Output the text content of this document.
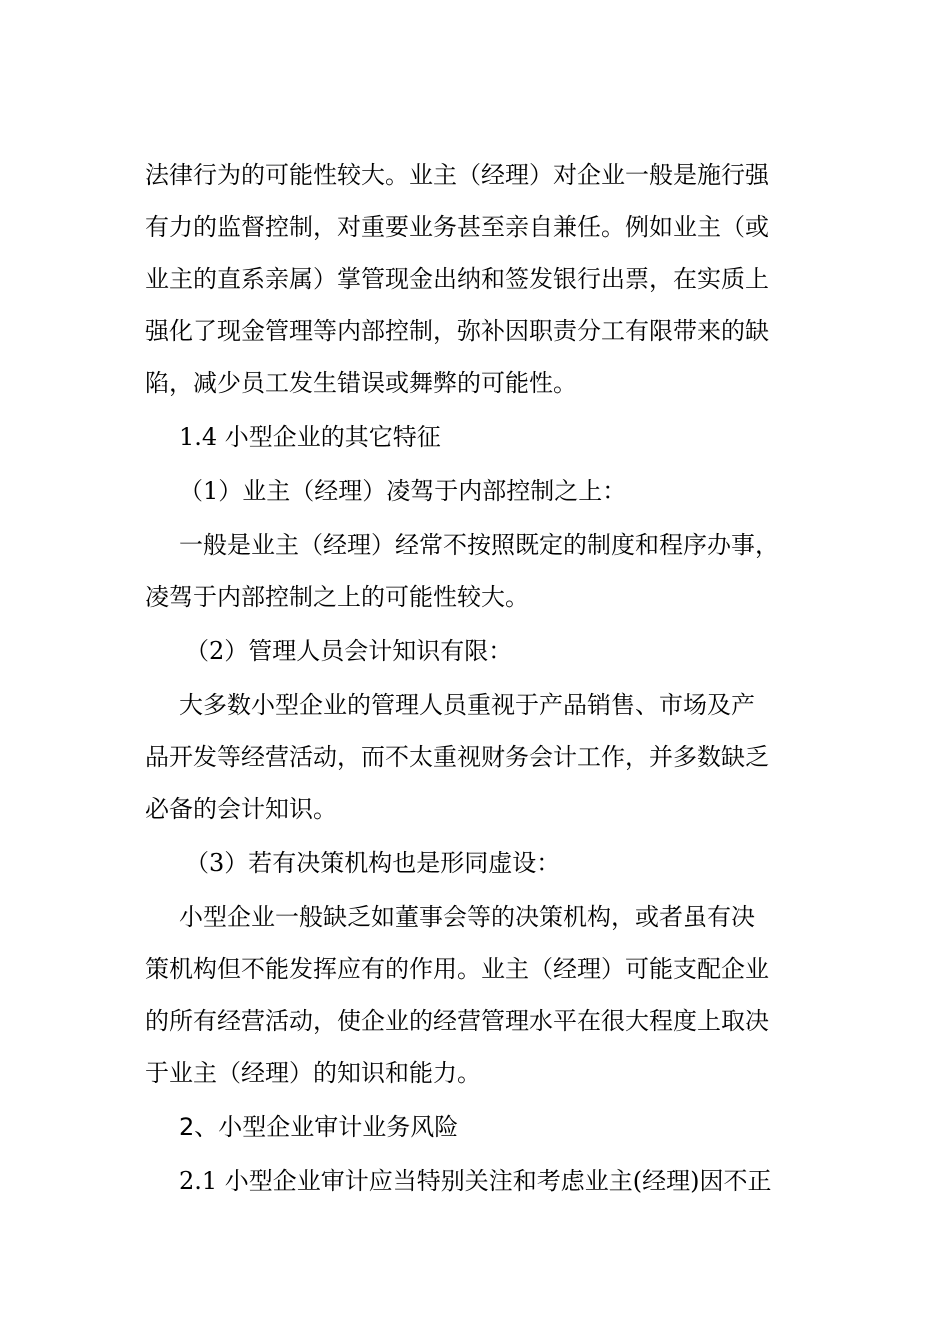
法律行为的可能性较大。业主（经理）对企业一般是施行强
有力的监督控制，对重要业务甚至亲自兼任。例如业主（或
业主的直系亲属）掌管现金出纳和签发银行出票，在实质上
强化了现金管理等内部控制，弥补因职责分工有限带来的缺
陷，减少员工发生错误或舞弊的可能性。
1.4 小型企业的其它特征
（1）业主（经理）凌驾于内部控制之上：
一般是业主（经理）经常不按照既定的制度和程序办事，
凌驾于内部控制之上的可能性较大。
（2）管理人员会计知识有限：
大多数小型企业的管理人员重视于产品销售、市场及产
品开发等经营活动，而不太重视财务会计工作，并多数缺乏
必备的会计知识。
（3）若有决策机构也是形同虚设：
小型企业一般缺乏如董事会等的决策机构，或者虽有决
策机构但不能发挥应有的作用。业主（经理）可能支配企业
的所有经营活动，使企业的经营管理水平在很大程度上取决
于业主（经理）的知识和能力。
2、小型企业审计业务风险
2.1 小型企业审计应当特别关注和考虑业主(经理)因不正
